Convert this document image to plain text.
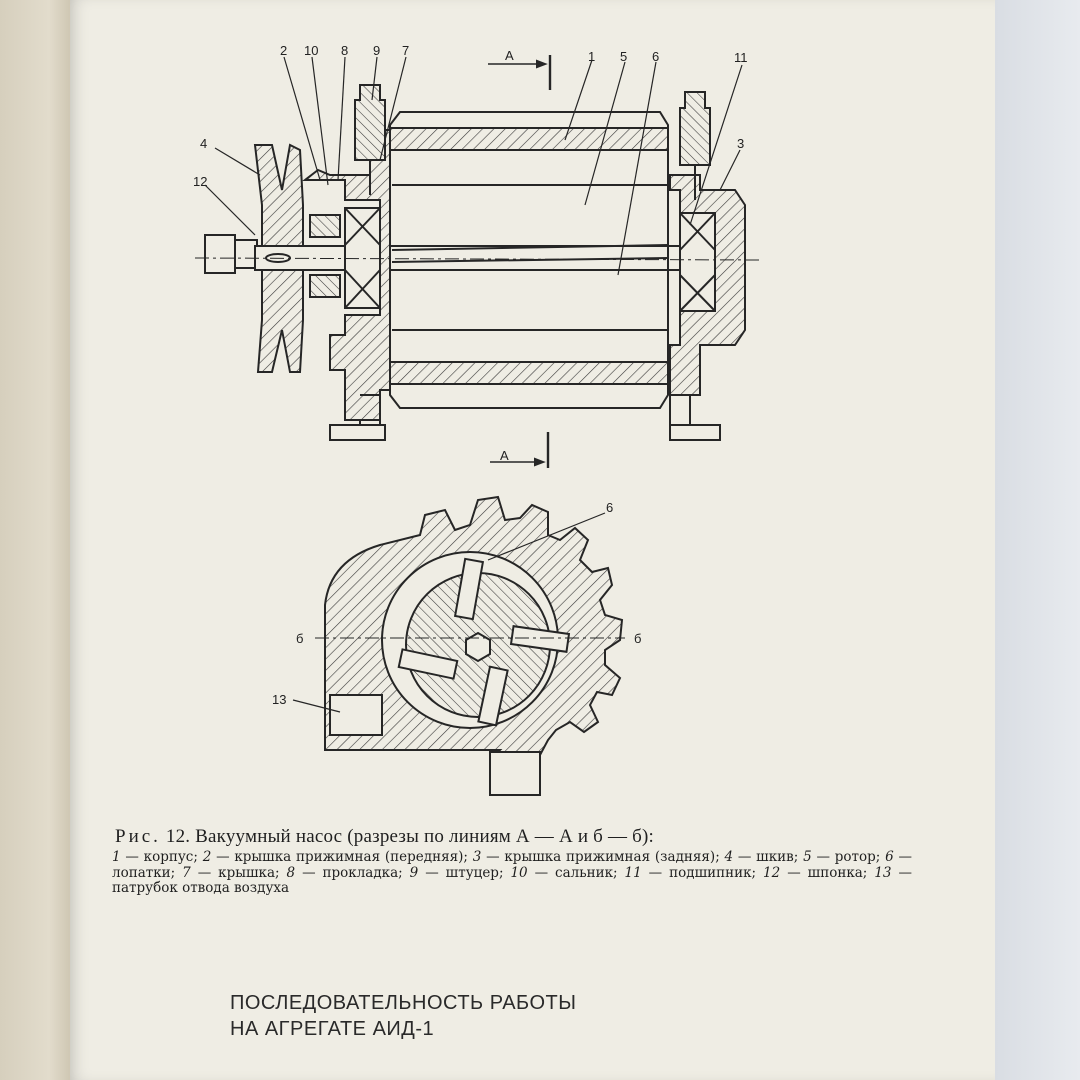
2 10 8 9 7	1 5 6	11
3
4
12
A
A
6
б	б
13
Рис. 12. Вакуумный насос (разрезы по линиям А — А и б — б):
1 — корпус; 2 — крышка прижимная (передняя); 3 — крышка прижимная (задняя); 4 — шкив; 5 — ротор; 6 — лопатки; 7 — крышка; 8 — прокладка; 9 — штуцер; 10 — сальник; 11 — подшипник; 12 — шпонка; 13 — патрубок отвода воздуха
ПОСЛЕДОВАТЕЛЬНОСТЬ РАБОТЫ
НА АГРЕГАТЕ АИД-1
